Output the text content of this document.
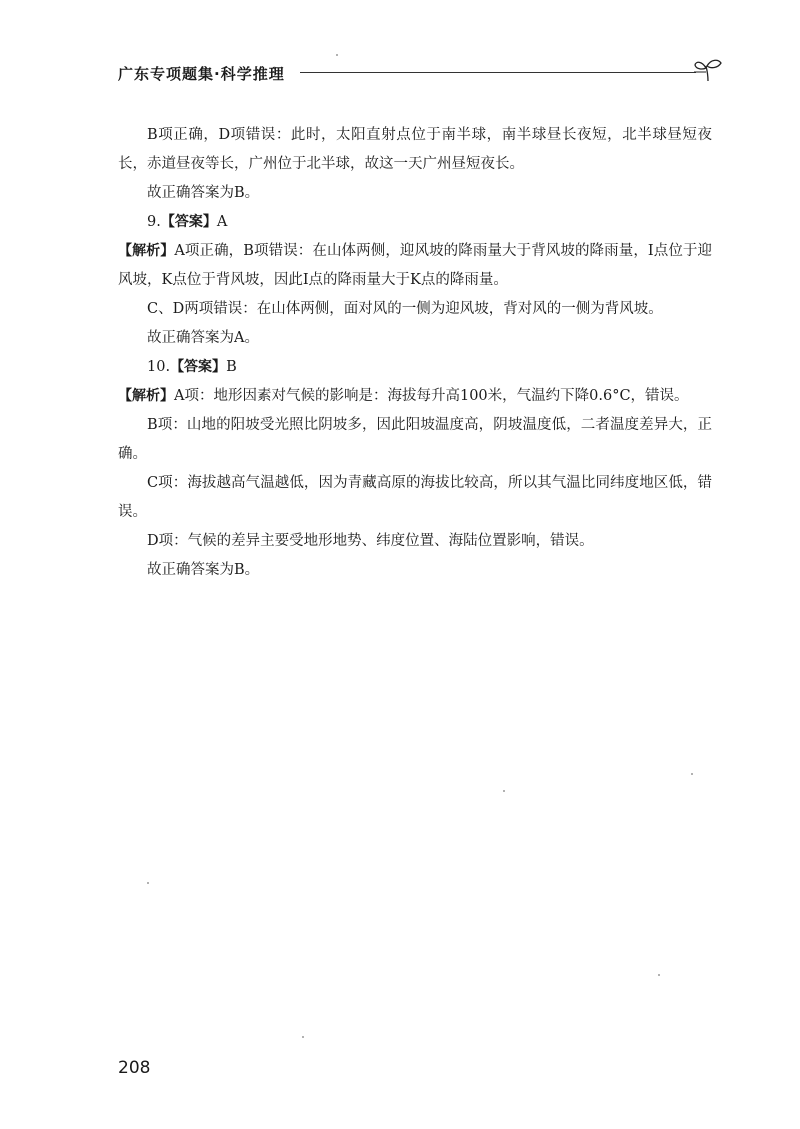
广东专项题集·科学推理

B项正确，D项错误：此时，太阳直射点位于南半球，南半球昼长夜短，北半球昼短夜长，赤道昼夜等长，广州位于北半球，故这一天广州昼短夜长。

故正确答案为B。

9.【答案】A

【解析】A项正确，B项错误：在山体两侧，迎风坡的降雨量大于背风坡的降雨量，I点位于迎风坡，K点位于背风坡，因此I点的降雨量大于K点的降雨量。

C、D两项错误：在山体两侧，面对风的一侧为迎风坡，背对风的一侧为背风坡。

故正确答案为A。

10.【答案】B

【解析】A项：地形因素对气候的影响是：海拔每升高100米，气温约下降0.6°C，错误。

B项：山地的阳坡受光照比阴坡多，因此阳坡温度高，阴坡温度低，二者温度差异大，正确。

C项：海拔越高气温越低，因为青藏高原的海拔比较高，所以其气温比同纬度地区低，错误。

D项：气候的差异主要受地形地势、纬度位置、海陆位置影响，错误。

故正确答案为B。

208
